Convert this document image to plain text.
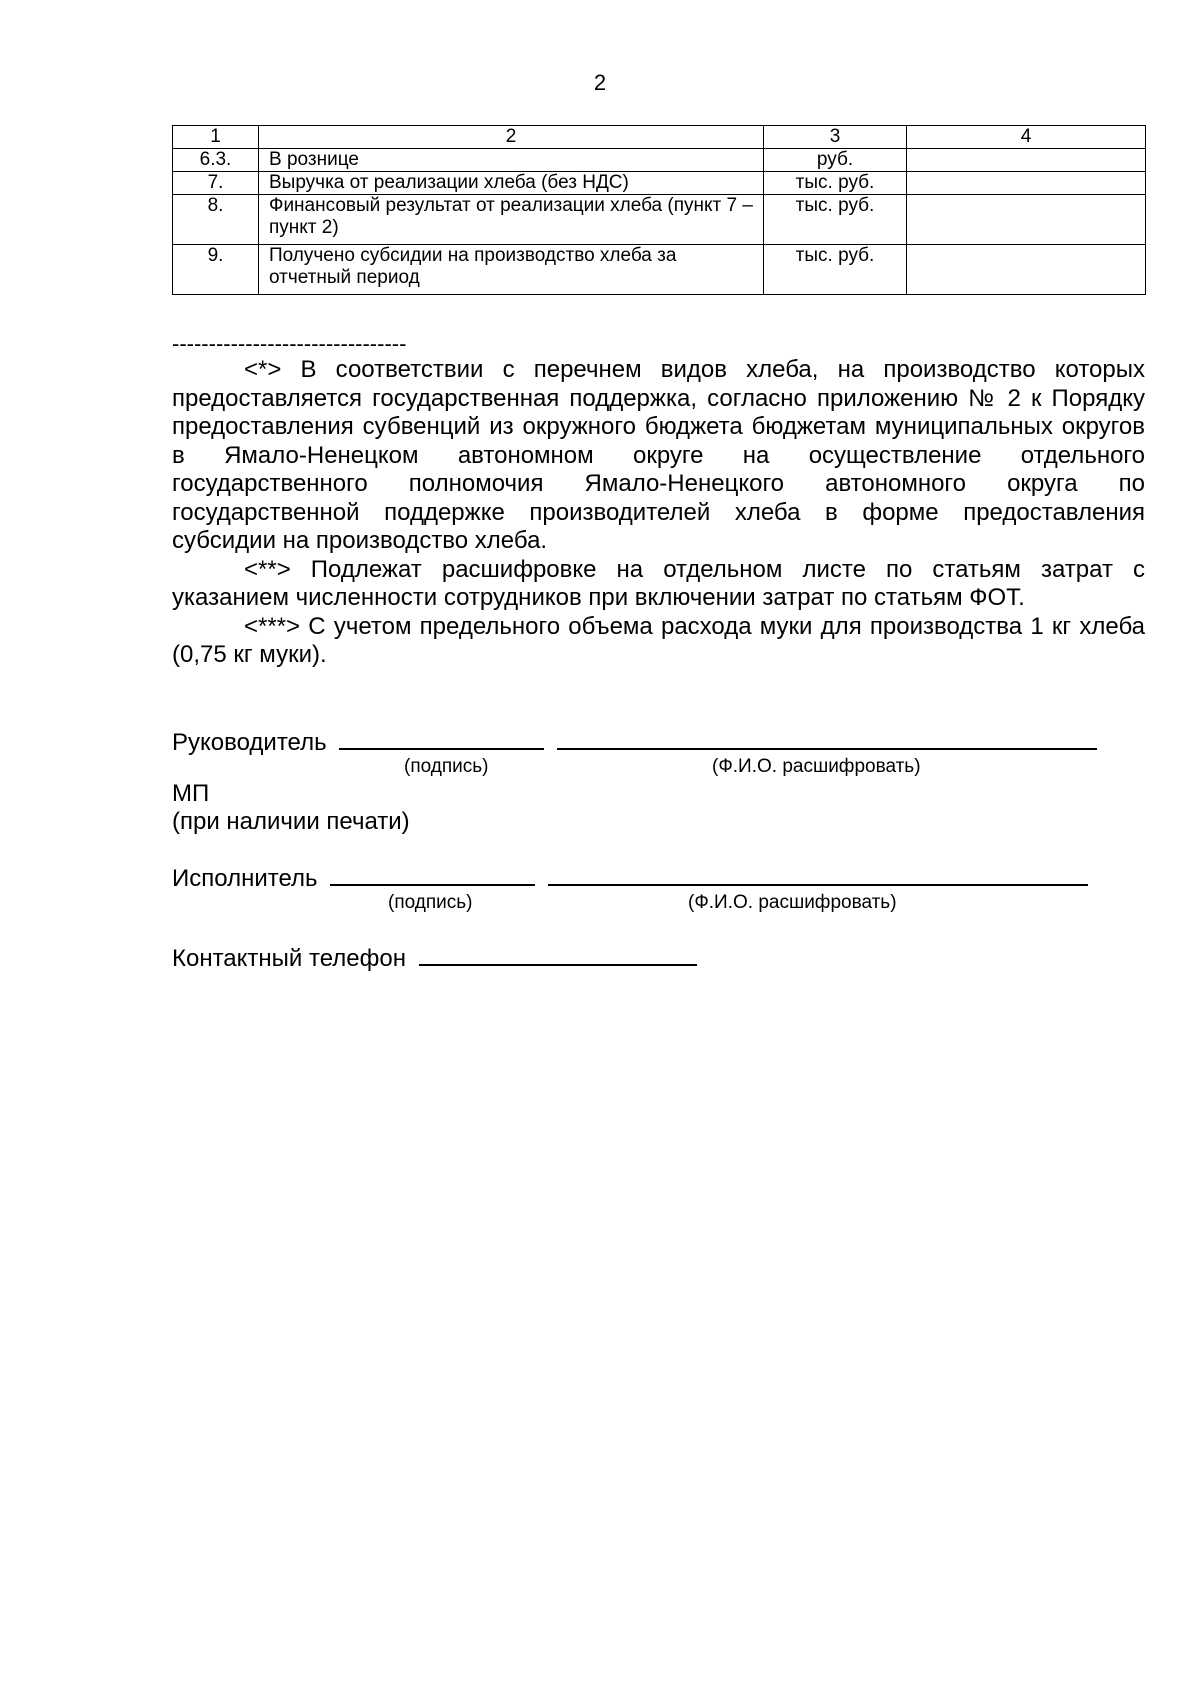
2
1	2	3	4
6.3.	В рознице	руб.	
7.	Выручка от реализации хлеба (без НДС)	тыс. руб.	
8.	Финансовый результат от реализации хлеба (пункт 7 – пункт 2)	тыс. руб.	
9.	Получено субсидии на производство хлеба за отчетный период	тыс. руб.	
--------------------------------

<*> В соответствии с перечнем видов хлеба, на производство которых предоставляется государственная поддержка, согласно приложению № 2 к Порядку предоставления субвенций из окружного бюджета бюджетам муниципальных округов в Ямало-Ненецком автономном округе на осуществление отдельного государственного полномочия Ямало-Ненецкого автономного округа по государственной поддержке производителей хлеба в форме предоставления субсидии на производство хлеба.

<**> Подлежат расшифровке на отдельном листе по статьям затрат с указанием численности сотрудников при включении затрат по статьям ФОТ.

<***> С учетом предельного объема расхода муки для производства 1 кг хлеба (0,75 кг муки).

Руководитель
(подпись)	(Ф.И.О. расшифровать)
МП
(при наличии печати)
Исполнитель
(подпись)	(Ф.И.О. расшифровать)
Контактный телефон
